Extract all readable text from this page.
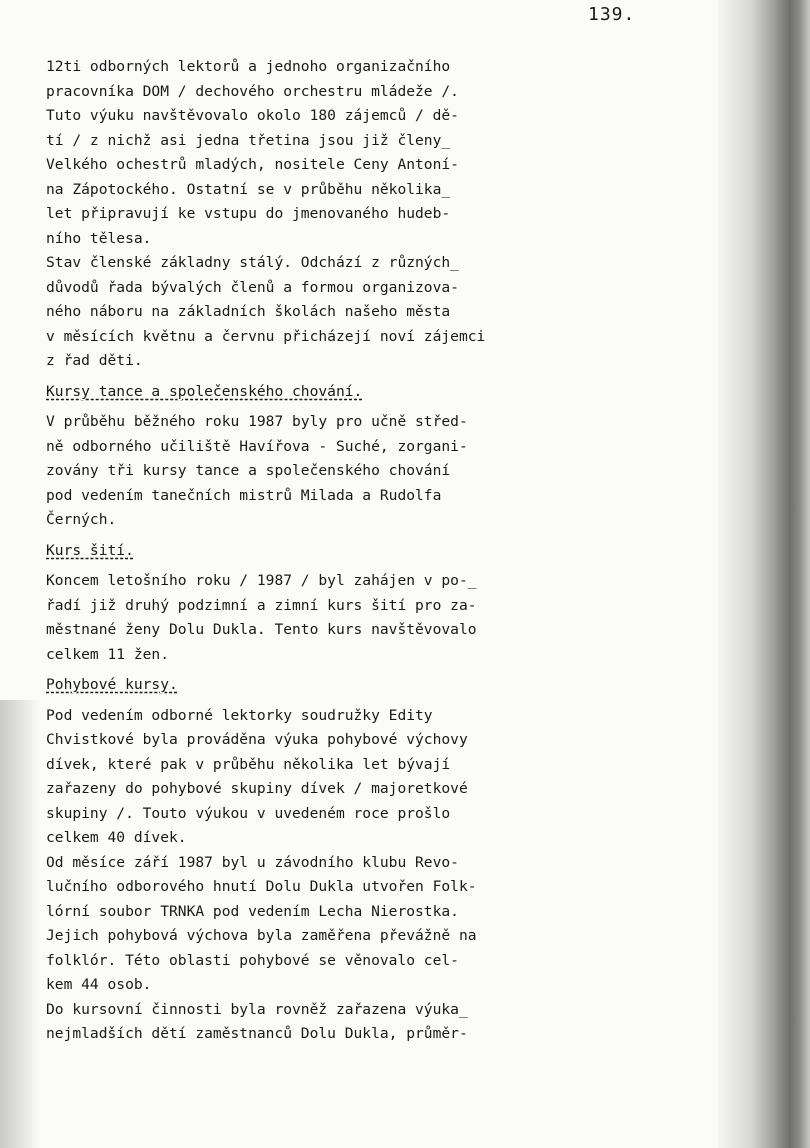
139.
12ti odborných lektorů a jednoho organizačního
pracovníka DOM / dechového orchestru mládeže /.
Tuto výuku navštěvovalo okolo 180 zájemců / dě-
tí / z nichž asi jedna třetina jsou již členy_
Velkého ochestrů mladých, nositele Ceny Antoní-
na Zápotockého. Ostatní se v průběhu několika_
let připravují ke vstupu do jmenovaného hudeb-
ního tělesa.
Stav členské základny stálý. Odchází z různých_
důvodů řada bývalých členů a formou organizova-
ného náboru na základních školách našeho města
v měsících květnu a červnu přicházejí noví zájemci
z řad děti.
Kursy tance a společenského chování.
V průběhu běžného roku 1987 byly pro učně střed-
ně odborného učiliště Havířova - Suché, zorgani-
zovány tři kursy tance a společenského chování
pod vedením tanečních mistrů Milada a Rudolfa
Černých.
Kurs šití.
Koncem letošního roku / 1987 / byl zahájen v po-_
řadí již druhý podzimní a zimní kurs šití pro za-
městnané ženy Dolu Dukla. Tento kurs navštěvovalo
celkem 11 žen.
Pohybové kursy.
Pod vedením odborné lektorky soudružky Edity
Chvistkové byla prováděna výuka pohybové výchovy
dívek, které pak v průběhu několika let bývají
zařazeny do pohybové skupiny dívek / majoretkové
skupiny /. Touto výukou v uvedeném roce prošlo
celkem 40 dívek.
Od měsíce září 1987 byl u závodního klubu Revo-
lučního odborového hnutí Dolu Dukla utvořen Folk-
lórní soubor TRNKA pod vedením Lecha Nierostka.
Jejich pohybová výchova byla zaměřena převážně na
folklór. Této oblasti pohybové se věnovalo cel-
kem 44 osob.
Do kursovní činnosti byla rovněž zařazena výuka_
nejmladších dětí zaměstnanců Dolu Dukla, průměr-
